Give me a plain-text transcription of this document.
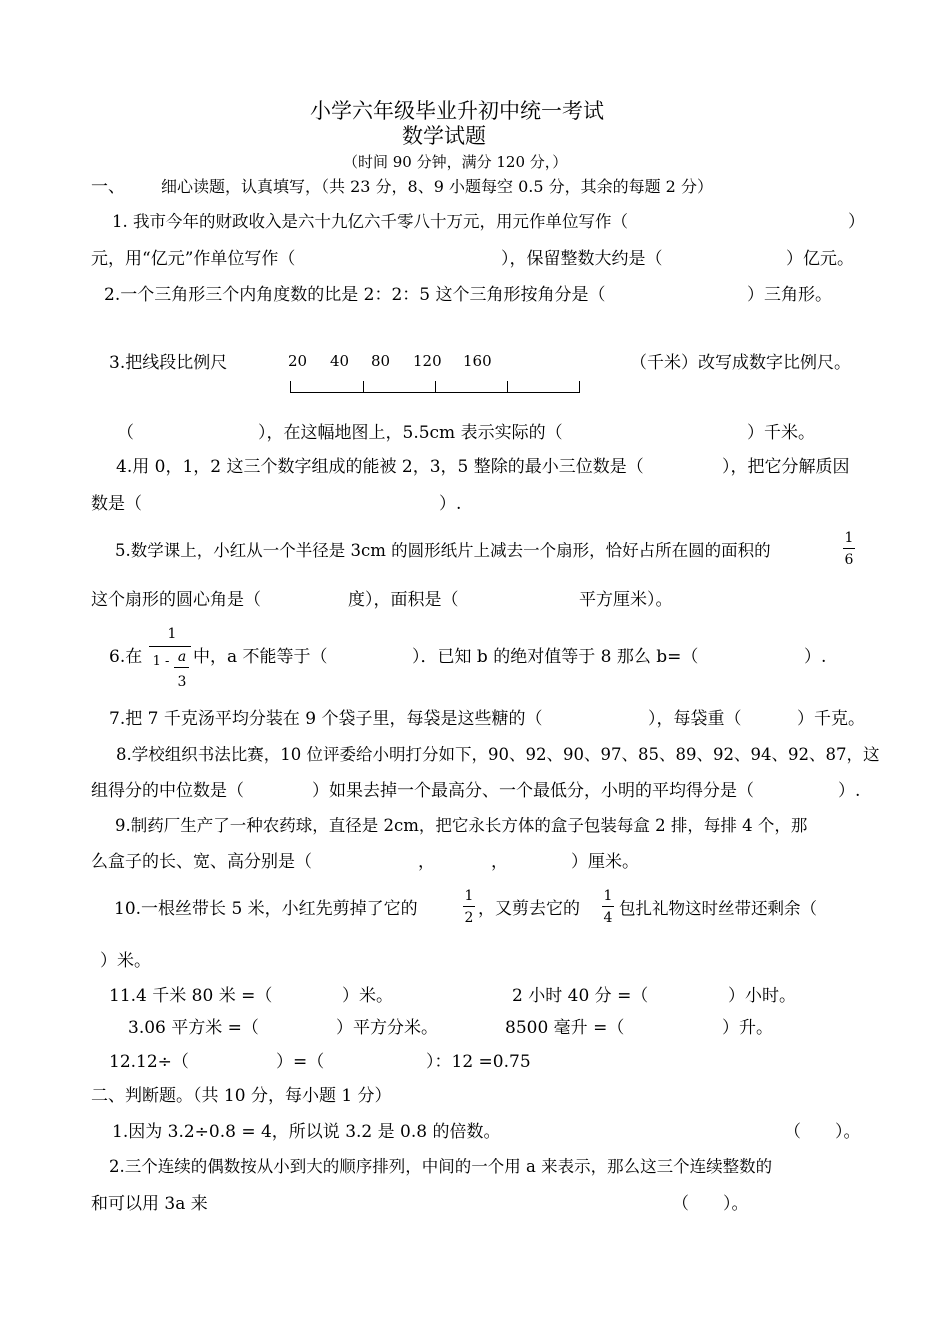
小学六年级毕业升初中统一考试
数学试题
（时间 90 分钟，满分 120 分，）
一、 细心读题，认真填写，（共 23 分，8、9 小题每空 0.5 分，其余的每题 2 分）
1. 我市今年的财政收入是六十九亿六千零八十万元，用元作单位写作（	）
元，用“亿元”作单位写作（	），保留整数大约是（	）亿元。
2.一个三角形三个内角度数的比是 2：2：5 这个三角形按角分是（	）三角形。
3.把线段比例尺	20 40 80 120 160	（千米）改写成数字比例尺。
（	），在这幅地图上，5.5cm 表示实际的（	）千米。
4.用 0，1，2 这三个数字组成的能被 2，3，5 整除的最小三位数是（	），把它分解质因
数是（	）.
5.数学课上，小红从一个半径是 3cm 的圆形纸片上减去一个扇形，恰好占所在圆的面积的
1
6
这个扇形的圆心角是（	度），面积是（	平方厘米）。
6.在
1
1 - a
3
中，a 不能等于（	）．已知 b 的绝对值等于 8 那么 b=（	）.
7.把 7 千克汤平均分装在 9 个袋子里，每袋是这些糖的（	），每袋重（	）千克。
8.学校组织书法比赛，10 位评委给小明打分如下，90、92、90、97、85、89、92、94、92、87，这
组得分的中位数是（	）如果去掉一个最高分、一个最低分，小明的平均得分是（	）.
9.制药厂生产了一种农药球，直径是 2cm，把它永长方体的盒子包装每盒 2 排，每排 4 个，那
么盒子的长、宽、高分别是（	，	，	）厘米。
10.一根丝带长 5 米，小红先剪掉了它的
1
2 ，又剪去它的
1
4 包扎礼物这时丝带还剩余（
）米。
11.4 千米 80 米 =（	）米。	2 小时 40 分 =（	）小时。
3.06 平方米 =（	）平方分米。	8500 毫升 =（	）升。
12.12÷（	）=（	）：12 =0.75
二、判断题。（共 10 分，每小题 1 分）
1.因为 3.2÷0.8 = 4，所以说 3.2 是 0.8 的倍数。	（　　）。
2.三个连续的偶数按从小到大的顺序排列，中间的一个用 a 来表示，那么这三个连续整数的
和可以用 3a 来	（　　）。
